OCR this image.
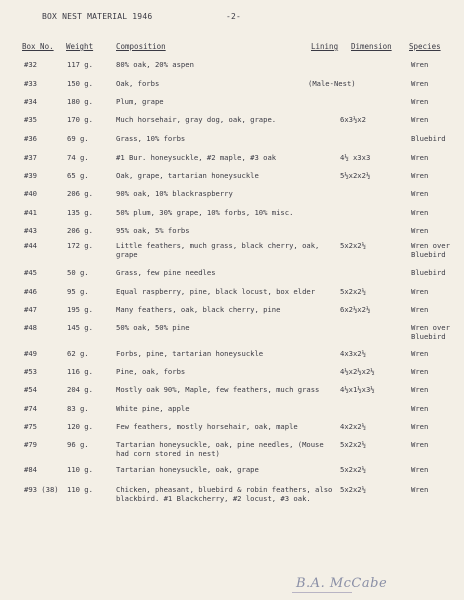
BOX NEST MATERIAL 1946	-2-
Box No. Weight	Composition	Lining Dimension Species
#32	117 g.	80% oak, 20% aspen	Wren
#33	150 g.	Oak, forbs	(Male-Nest)	Wren
#34	180 g.	Plum, grape	Wren
#35	170 g.	Much horsehair, gray dog, oak, grape.	6x3½x2	Wren
#36	69 g.	Grass, 10% forbs	Bluebird
#37	74 g.	#1 Bur. honeysuckle, #2 maple, #3 oak	4½ x3x3	Wren
#39	65 g.	Oak, grape, tartarian honeysuckle	5½x2x2½	Wren
#40	206 g.	90% oak, 10% blackraspberry	Wren
#41	135 g.	50% plum, 30% grape, 10% forbs, 10% misc.	Wren
#43	206 g.	95% oak, 5% forbs	Wren
#44	172 g.	Little feathers, much grass, black cherry, oak, grape
5x2x2½	Wren over Bluebird
#45	50 g.	Grass, few pine needles	Bluebird
#46	95 g.	Equal raspberry, pine, black locust, box elder	5x2x2½	Wren
#47	195 g.	Many feathers, oak, black cherry, pine	6x2½x2½	Wren
#48	145 g.	50% oak, 50% pine	Wren over Bluebird
#49	62 g.	Forbs, pine, tartarian honeysuckle	4x3x2½	Wren
#53	116 g.	Pine, oak, forbs	4½x2½x2½	Wren
#54	204 g.	Mostly oak 90%, Maple, few feathers, much grass	4½x1½x3½	Wren
#74	83 g.	White pine, apple	Wren
#75	120 g.	Few feathers, mostly horsehair, oak, maple	4x2x2½	Wren
#79	96 g.	Tartarian honeysuckle, oak, pine needles, (Mouse had corn stored in nest)
5x2x2½	Wren
#84	110 g.	Tartarian honeysuckle, oak, grape	5x2x2½	Wren
#93 (38) 110 g.	Chicken, pheasant, bluebird & robin feathers, also blackbird. #1 Blackcherry, #2 locust, #3 oak.
5x2x2½	Wren
B.A. McCabe
